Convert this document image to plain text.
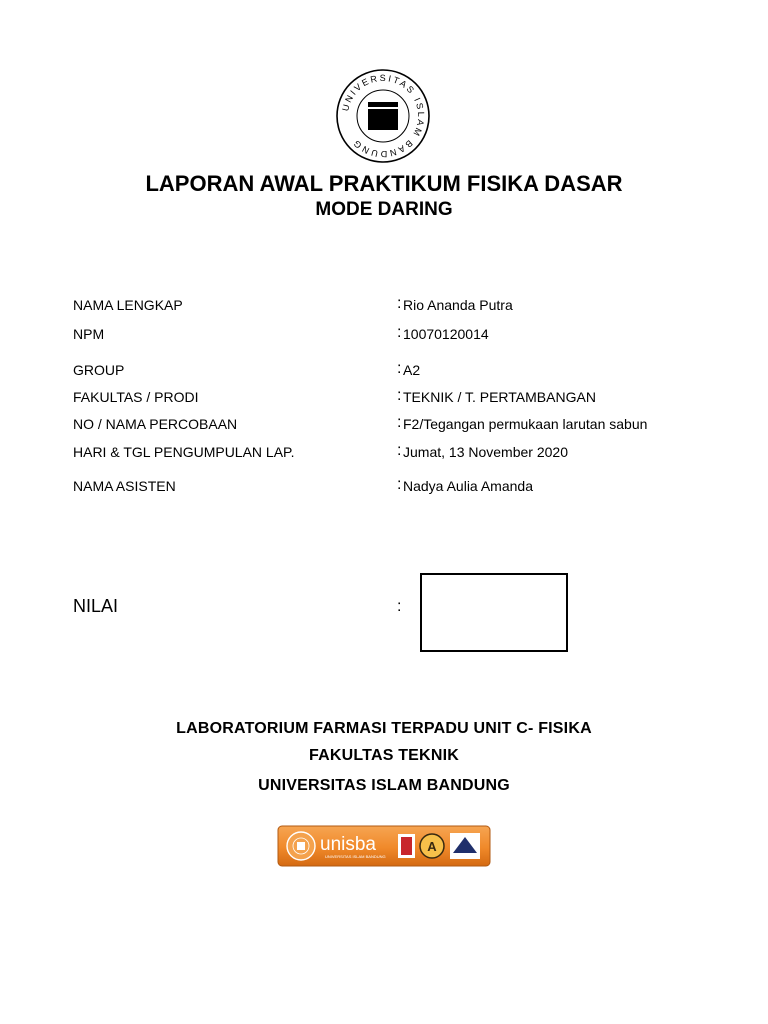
UNIVERSITAS ISLAM BANDUNG
LAPORAN AWAL PRAKTIKUM FISIKA DASAR
MODE DARING
NAMA LENGKAP	: Rio Ananda Putra
NPM	: 10070120014
GROUP	: A2
FAKULTAS / PRODI	: TEKNIK / T. PERTAMBANGAN
NO / NAMA PERCOBAAN	: F2/Tegangan permukaan larutan sabun
HARI & TGL PENGUMPULAN LAP.	: Jumat, 13 November 2020
NAMA ASISTEN	: Nadya Aulia Amanda
NILAI	:
LABORATORIUM FARMASI TERPADU UNIT C- FISIKA
FAKULTAS TEKNIK
UNIVERSITAS ISLAM BANDUNG
unisba
UNIVERSITAS ISLAM BANDUNG
A
